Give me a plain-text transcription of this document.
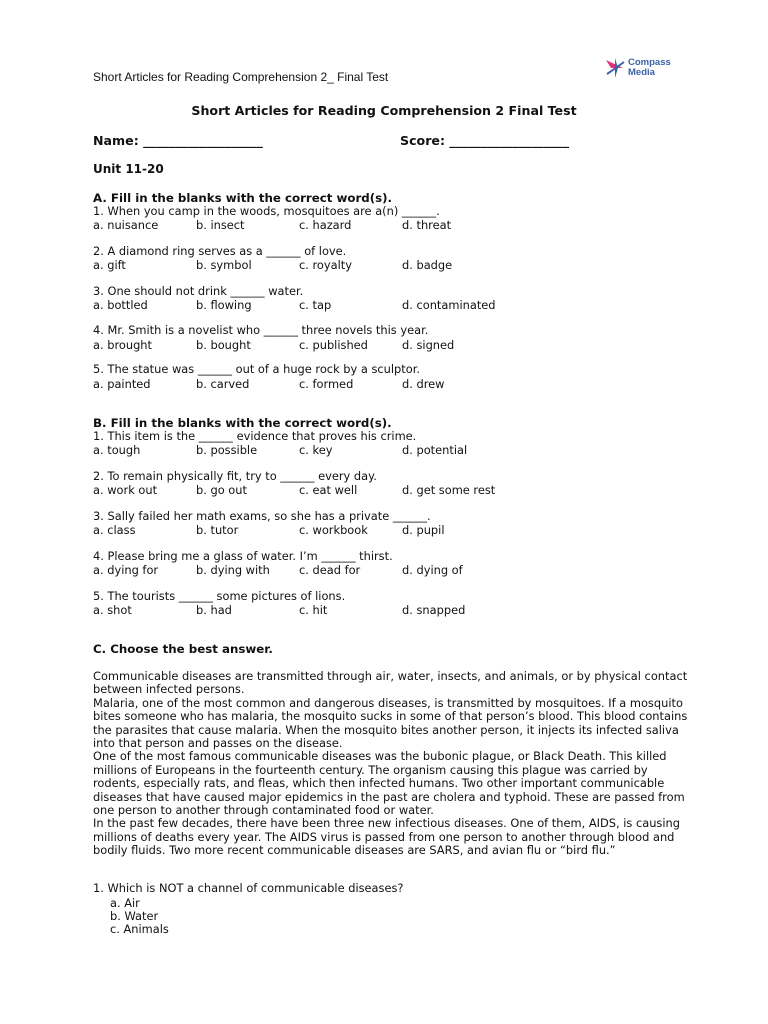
Short Articles for Reading Comprehension 2_ Final Test
Compass
Media
Short Articles for Reading Comprehension 2 Final Test
Name: ___________________	Score: ___________________
Unit 11-20
A. Fill in the blanks with the correct word(s).
1. When you camp in the woods, mosquitoes are a(n) ______.
a. nuisance	b. insect	c. hazard	d. threat
2. A diamond ring serves as a ______ of love.
a. gift	b. symbol	c. royalty	d. badge
3. One should not drink ______ water.
a. bottled	b. flowing	c. tap	d. contaminated
4. Mr. Smith is a novelist who ______ three novels this year.
a. brought	b. bought	c. published	d. signed
5. The statue was ______ out of a huge rock by a sculptor.
a. painted	b. carved	c. formed	d. drew
B. Fill in the blanks with the correct word(s).
1. This item is the ______ evidence that proves his crime.
a. tough	b. possible	c. key	d. potential
2. To remain physically fit, try to ______ every day.
a. work out	b. go out	c. eat well	d. get some rest
3. Sally failed her math exams, so she has a private ______.
a. class	b. tutor	c. workbook	d. pupil
4. Please bring me a glass of water. I’m ______ thirst.
a. dying for	b. dying with	c. dead for	d. dying of
5. The tourists ______ some pictures of lions.
a. shot	b. had	c. hit	d. snapped
C. Choose the best answer.

Communicable diseases are transmitted through air, water, insects, and animals, or by physical contact between infected persons.

Malaria, one of the most common and dangerous diseases, is transmitted by mosquitoes. If a mosquito bites someone who has malaria, the mosquito sucks in some of that person’s blood. This blood contains the parasites that cause malaria. When the mosquito bites another person, it injects its infected saliva into that person and passes on the disease.

One of the most famous communicable diseases was the bubonic plague, or Black Death. This killed millions of Europeans in the fourteenth century. The organism causing this plague was carried by rodents, especially rats, and fleas, which then infected humans. Two other important communicable diseases that have caused major epidemics in the past are cholera and typhoid. These are passed from one person to another through contaminated food or water.

In the past few decades, there have been three new infectious diseases. One of them, AIDS, is causing millions of deaths every year. The AIDS virus is passed from one person to another through blood and bodily fluids. Two more recent communicable diseases are SARS, and avian flu or “bird flu.”

1. Which is NOT a channel of communicable diseases?
a. Air
b. Water
c. Animals
